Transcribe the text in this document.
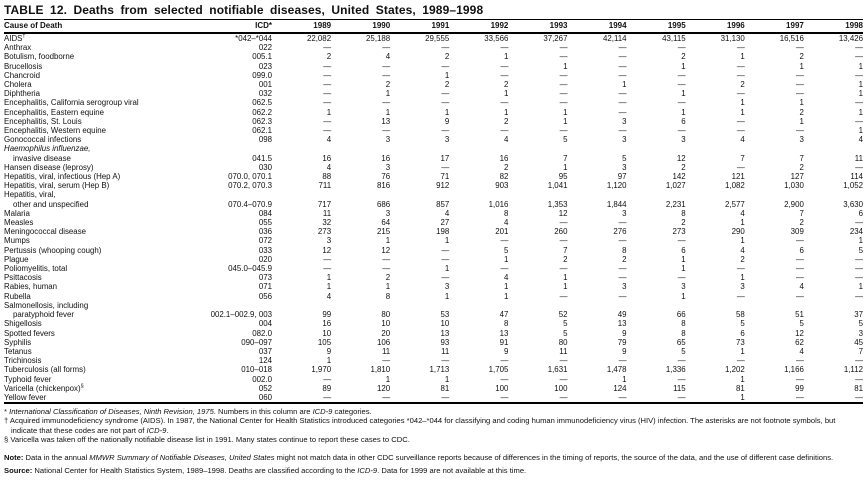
TABLE 12. Deaths from selected notifiable diseases, United States, 1989–1998
Cause of Death	ICD*	1989	1990	1991	1992	1993	1994	1995	1996	1997	1998
AIDS†	*042–*044	22,082	25,188	29,555	33,566	37,267	42,114	43,115	31,130	16,516	13,426
Anthrax	022	—	—	—	—	—	—	—	—	—	—
Botulism, foodborne	005.1	2	4	2	1	—	—	2	1	2	—
Brucellosis	023	—	—	—	—	1	—	1	—	1	1
Chancroid	099.0	—	—	1	—	—	—	—	—	—	—
Cholera	001	—	2	2	2	—	1	—	2	—	1
Diphtheria	032	—	1	—	1	—	—	1	—	—	1
Encephalitis, California serogroup viral	062.5	—	—	—	—	—	—	—	1	1	—
Encephalitis, Eastern equine	062.2	1	1	1	1	1	—	1	1	2	1
Encephalitis, St. Louis	062.3	—	13	9	2	1	3	6	—	1	—
Encephalitis, Western equine	062.1	—	—	—	—	—	—	—	—	—	1
Gonococcal infections	098	4	3	3	4	5	3	3	4	3	4
Haemophilus influenzae,											
invasive disease	041.5	16	16	17	16	7	5	12	7	7	11
Hansen disease (leprosy)	030	4	3	—	2	1	3	2	—	2	—
Hepatitis, viral, infectious (Hep A)	070.0, 070.1	88	76	71	82	95	97	142	121	127	114
Hepatitis, viral, serum (Hep B)	070.2, 070.3	711	816	912	903	1,041	1,120	1,027	1,082	1,030	1,052
Hepatitis, viral,											
other and unspecified	070.4–070.9	717	686	857	1,016	1,353	1,844	2,231	2,577	2,900	3,630
Malaria	084	11	3	4	8	12	3	8	4	7	6
Measles	055	32	64	27	4	—	—	2	1	2	—
Meningococcal disease	036	273	215	198	201	260	276	273	290	309	234
Mumps	072	3	1	1	—	—	—	—	1	—	1
Pertussis (whooping cough)	033	12	12	—	5	7	8	6	4	6	5
Plague	020	—	—	—	1	2	2	1	2	—	—
Poliomyelitis, total	045.0–045.9	—	—	1	—	—	—	1	—	—	—
Psittacosis	073	1	2	—	4	1	—	—	1	—	—
Rabies, human	071	1	1	3	1	1	3	3	3	4	1
Rubella	056	4	8	1	1	—	—	1	—	—	—
Salmonellosis, including											
paratyphoid fever	002.1–002.9, 003	99	80	53	47	52	49	66	58	51	37
Shigellosis	004	16	10	10	8	5	13	8	5	5	5
Spotted fevers	082.0	10	20	13	13	5	9	8	6	12	3
Syphilis	090–097	105	106	93	91	80	79	65	73	62	45
Tetanus	037	9	11	11	9	11	9	5	1	4	7
Trichinosis	124	1	—	—	—	—	—	—	—	—	—
Tuberculosis (all forms)	010–018	1,970	1,810	1,713	1,705	1,631	1,478	1,336	1,202	1,166	1,112
Typhoid fever	002.0	—	1	1	—	—	1	—	1	—	—
Varicella (chickenpox)§	052	89	120	81	100	100	124	115	81	99	81
Yellow fever	060	—	—	—	—	—	—	—	1	—	—
* International Classification of Diseases, Ninth Revision, 1975. Numbers in this column are ICD-9 categories.
† Acquired immunodeficiency syndrome (AIDS). In 1987, the National Center for Health Statistics introduced categories *042–*044 for classifying and coding human immunodeficiency virus (HIV) infection. The asterisks are not footnote symbols, but indicate that these codes are not part of ICD-9.
§ Varicella was taken off the nationally notifiable disease list in 1991. Many states continue to report these cases to CDC.
Note: Data in the annual MMWR Summary of Notifiable Diseases, United States might not match data in other CDC surveillance reports because of differences in the timing of reports, the source of the data, and the use of different case definitions.
Source: National Center for Health Statistics System, 1989–1998. Deaths are classified according to the ICD-9. Data for 1999 are not available at this time.
